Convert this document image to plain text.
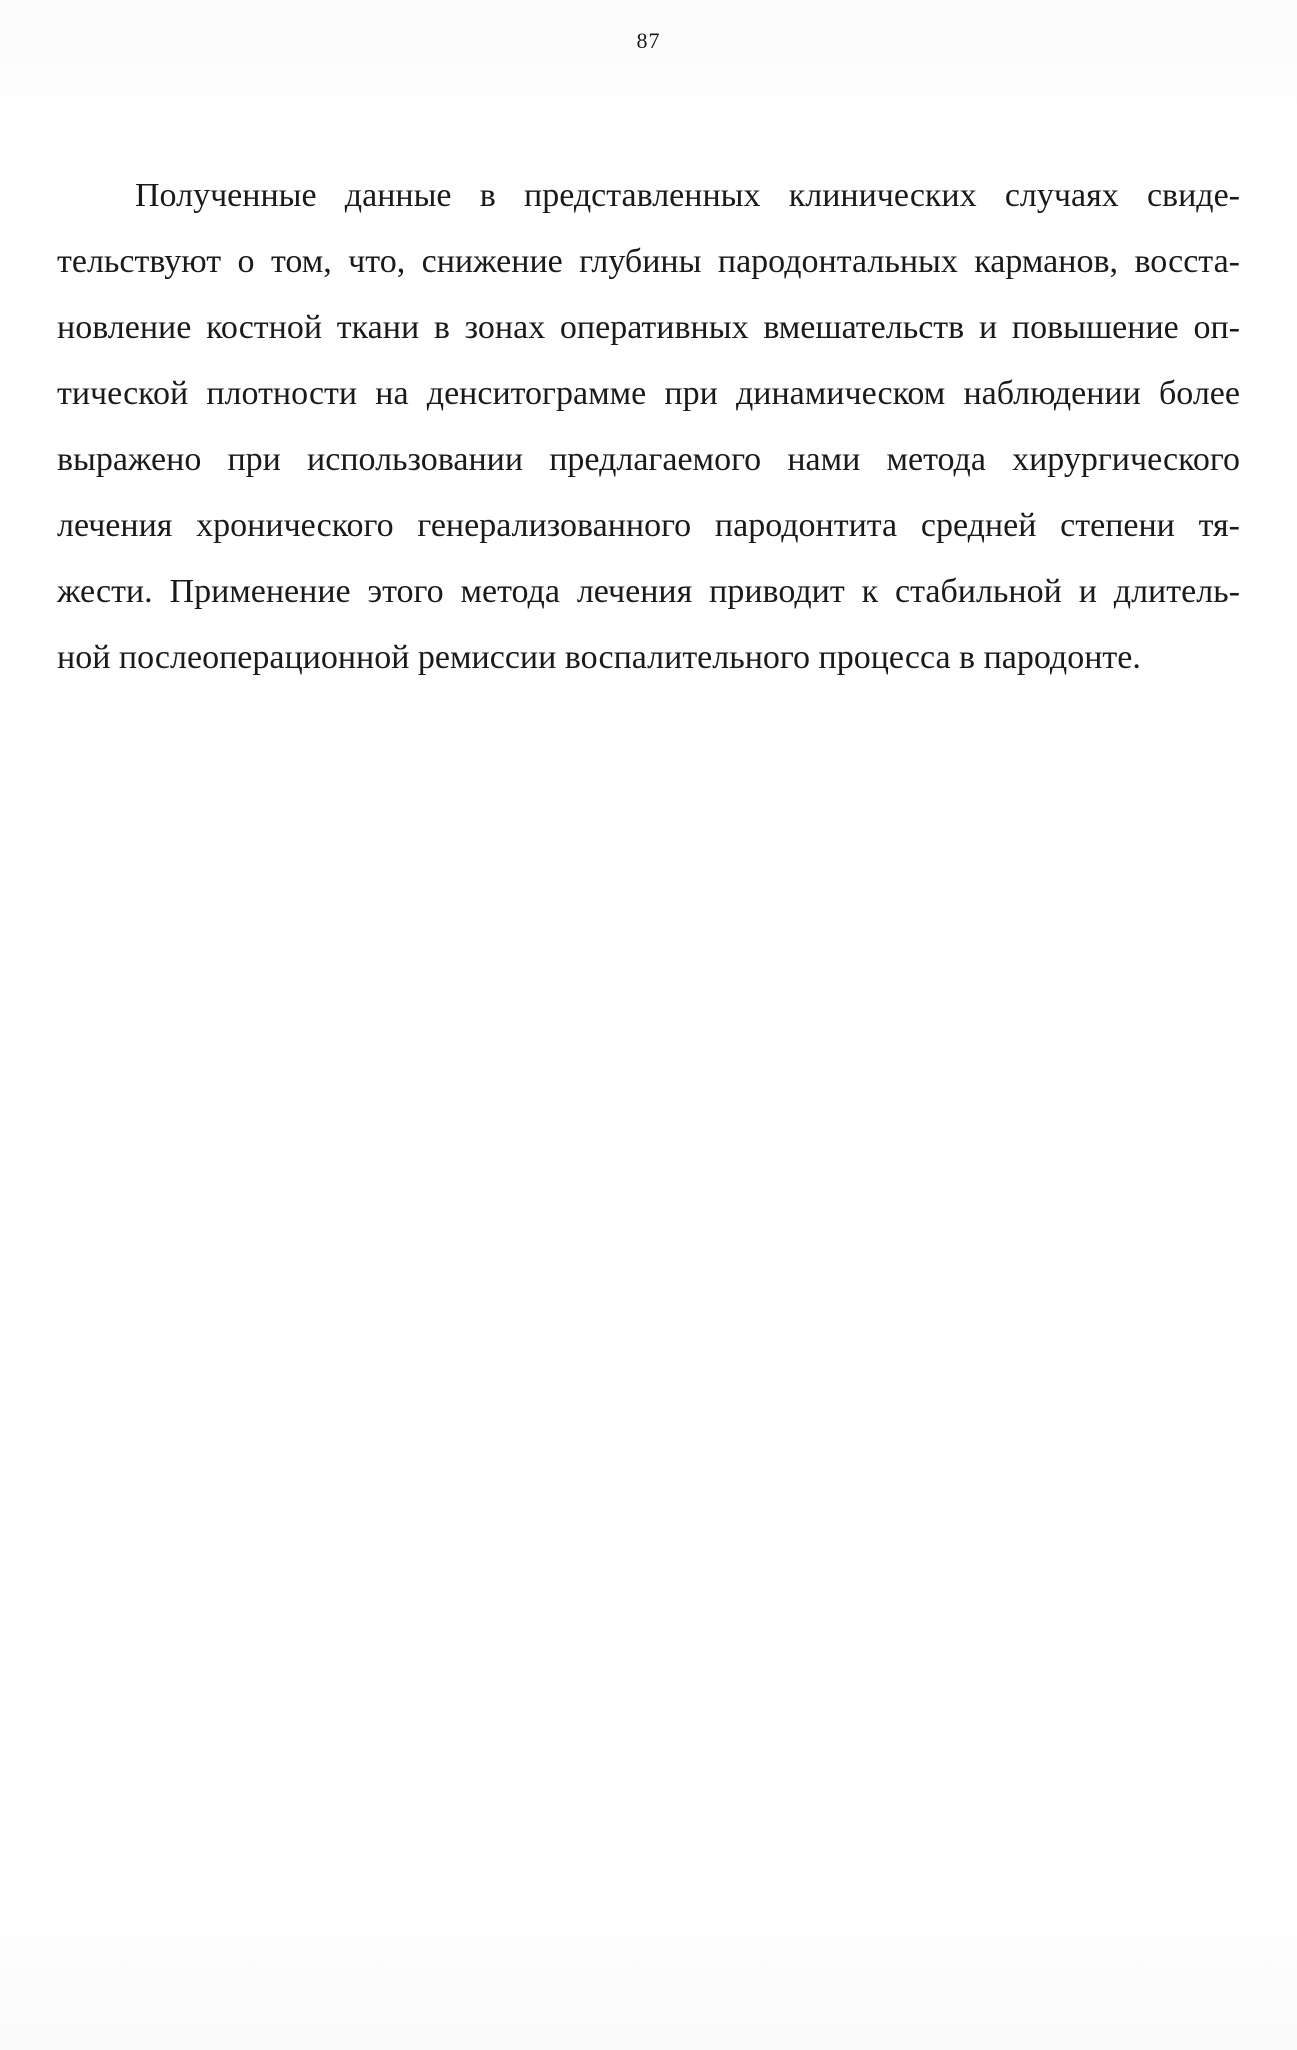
87
Полученные данные в представленных клинических случаях свиде-
тельствуют о том, что, снижение глубины пародонтальных карманов, восста-
новление костной ткани в зонах оперативных вмешательств и повышение оп-
тической плотности на денситограмме при динамическом наблюдении более
выражено при использовании предлагаемого нами метода хирургического
лечения хронического генерализованного пародонтита средней степени тя-
жести. Применение этого метода лечения приводит к стабильной и длитель-
ной послеоперационной ремиссии воспалительного процесса в пародонте.
